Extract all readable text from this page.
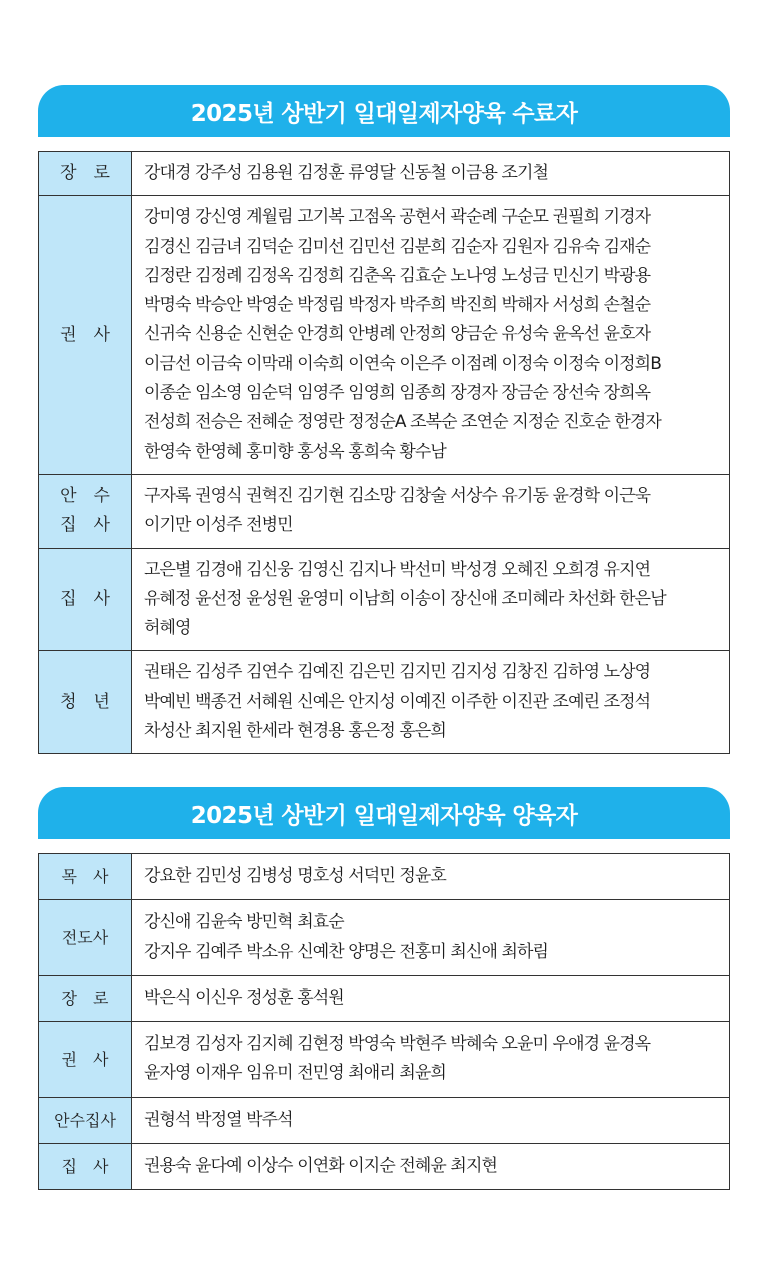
2025년 상반기 일대일제자양육 수료자
장　로 강대경 강주성 김용원 김정훈 류영달 신동철 이금용 조기철
권　사
강미영 강신영 계월림 고기복 고점옥 공현서 곽순례 구순모 권필희 기경자
김경신 김금녀 김덕순 김미선 김민선 김분희 김순자 김원자 김유숙 김재순
김정란 김정례 김정옥 김정희 김춘옥 김효순 노나영 노성금 민신기 박광용
박명숙 박승안 박영순 박정림 박정자 박주희 박진희 박해자 서성희 손철순
신귀숙 신용순 신현순 안경희 안병례 안정희 양금순 유성숙 윤옥선 윤호자
이금선 이금숙 이막래 이숙희 이연숙 이은주 이점례 이정숙 이정숙 이정희B
이종순 임소영 임순덕 임영주 임영희 임종희 장경자 장금순 장선숙 장희옥
전성희 전승은 전혜순 정영란 정정순A 조복순 조연순 지정순 진호순 한경자
한영숙 한영혜 홍미향 홍성옥 홍희숙 황수남
안　수
집　사
구자록 권영식 권혁진 김기현 김소망 김창술 서상수 유기동 윤경학 이근욱
이기만 이성주 전병민
집　사
고은별 김경애 김신웅 김영신 김지나 박선미 박성경 오혜진 오희경 유지연
유혜정 윤선정 윤성원 윤영미 이남희 이송이 장신애 조미혜라 차선화 한은남
허혜영
청　년
권태은 김성주 김연수 김예진 김은민 김지민 김지성 김창진 김하영 노상영
박예빈 백종건 서혜원 신예은 안지성 이예진 이주한 이진관 조예린 조정석
차성산 최지원 한세라 현경용 홍은정 홍은희
2025년 상반기 일대일제자양육 양육자
목　사 강요한 김민성 김병성 명호성 서덕민 정윤호
전도사
강신애 김윤숙 방민혁 최효순
강지우 김예주 박소유 신예찬 양명은 전홍미 최신애 최하림
장　로 박은식 이신우 정성훈 홍석원
권　사
김보경 김성자 김지혜 김현정 박영숙 박현주 박혜숙 오윤미 우애경 윤경옥
윤자영 이재우 임유미 전민영 최애리 최윤희
안수집사 권형석 박정열 박주석
집　사 권용숙 윤다예 이상수 이연화 이지순 전혜윤 최지현
